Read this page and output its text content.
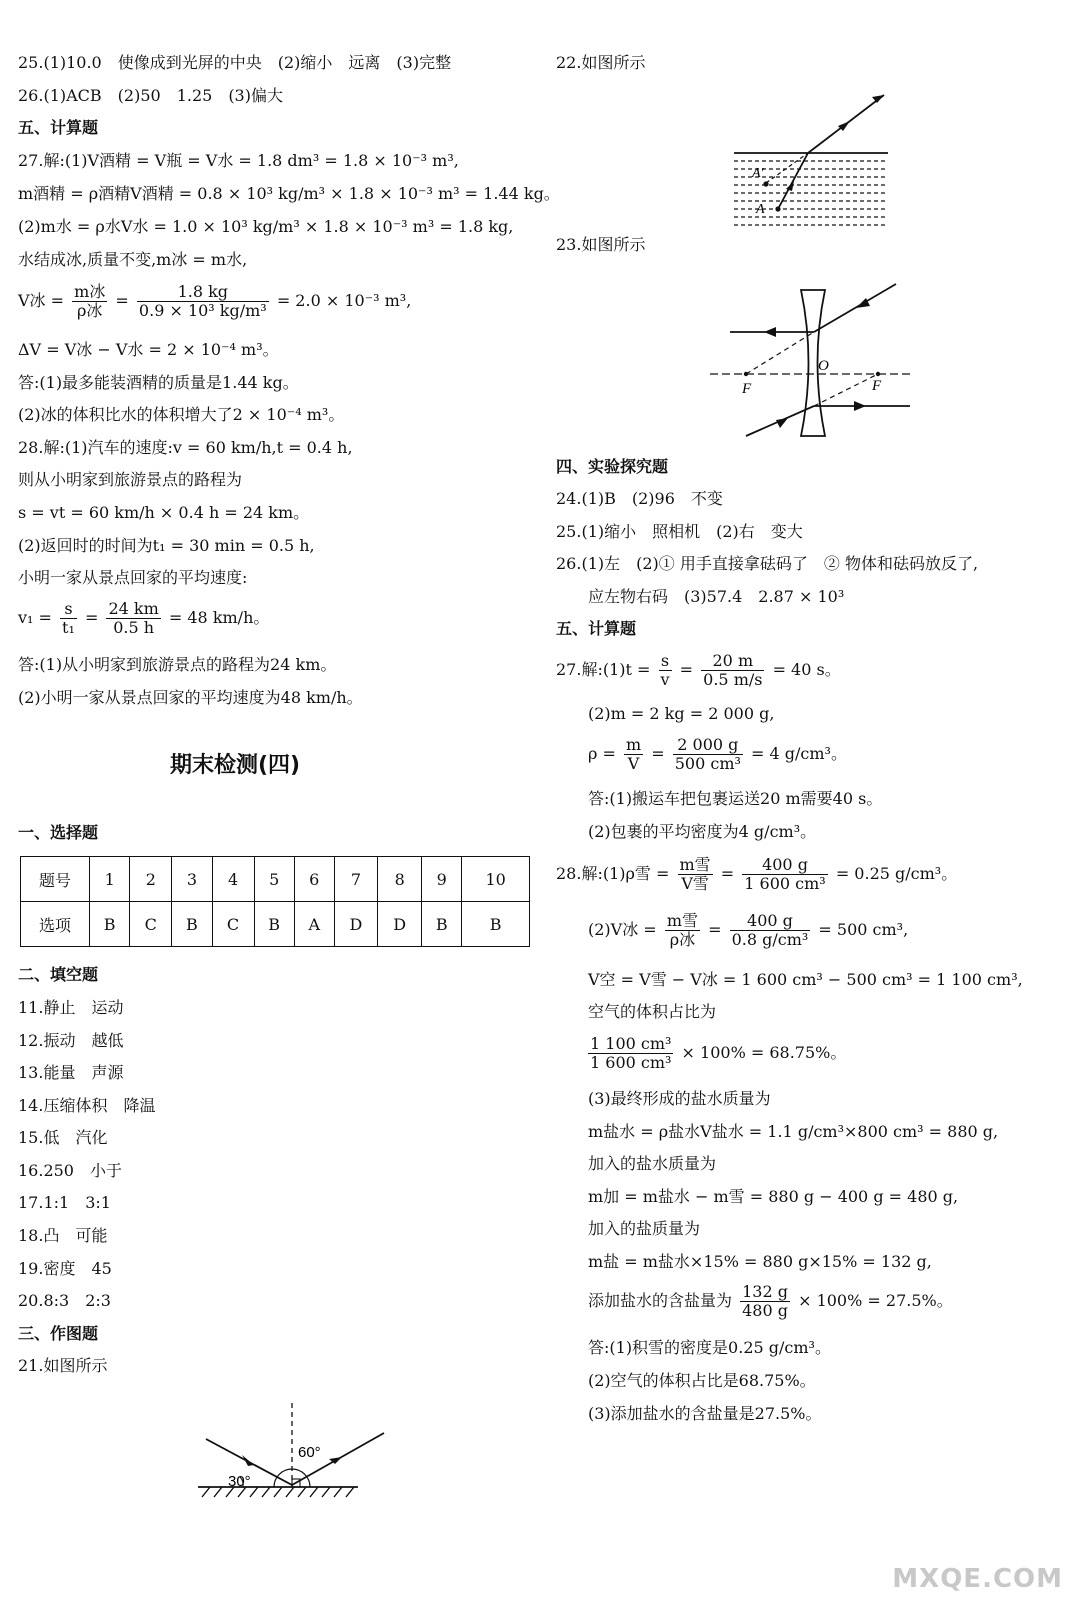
25.(1)10.0　使像成到光屏的中央　(2)缩小　远离　(3)完整
26.(1)ACB　(2)50　1.25　(3)偏大
五、计算题
27.解:(1)V酒精 = V瓶 = V水 = 1.8 dm³ = 1.8 × 10⁻³ m³,
m酒精 = ρ酒精V酒精 = 0.8 × 10³ kg/m³ × 1.8 × 10⁻³ m³ = 1.44 kg。
(2)m水 = ρ水V水 = 1.0 × 10³ kg/m³ × 1.8 × 10⁻³ m³ = 1.8 kg,
水结成冰,质量不变,m冰 = m水,
V冰 = $\frac{\text{m冰}}{\text{ρ冰}} = \frac{1.8 kg}{\text{0.9 × 10³ kg/m³}} = 2.0 \times 10^{-3}$ m³,
ΔV = V冰 − V水 = 2 × 10⁻⁴ m³。
答:(1)最多能装酒精的质量是1.44 kg。
(2)冰的体积比水的体积增大了2 × 10⁻⁴ m³。
28.解:(1)汽车的速度:v = 60 km/h,t = 0.4 h,
则从小明家到旅游景点的路程为
s = vt = 60 km/h × 0.4 h = 24 km。
(2)返回时的时间为t₁ = 30 min = 0.5 h,
小明一家从景点回家的平均速度:
$v_1 = \frac{s}{\text{t₁}} = \frac{24 km}{0.5 h} = 48$ km/h。
答:(1)从小明家到旅游景点的路程为24 km。
(2)小明一家从景点回家的平均速度为48 km/h。
期末检测(四)
一、选择题
题号	1	2	3	4	5	6	7	8	9	10
选项	B	C	B	C	B	A	D	D	B	B
二、填空题
11.静止　运动
12.振动　越低
13.能量　声源
14.压缩体积　降温
15.低　汽化
16.250　小于
17.1:1　3:1
18.凸　可能
19.密度　45
20.8:3　2:3
三、作图题
21.如图所示
30°
60°
22.如图所示
A'
A
23.如图所示
F
O
F
四、实验探究题
24.(1)B　(2)96　不变
25.(1)缩小　照相机　(2)右　变大
26.(1)左　(2)① 用手直接拿砝码了　② 物体和砝码放反了,
应左物右码　(3)57.4　2.87 × 10³
五、计算题
27.解:(1)t = $\frac{s}{v} = \frac{20 m}{0.5 m/s} = 40$ s。
(2)m = 2 kg = 2 000 g,
$\rho = \frac{m}{V} = \frac{2 000 g}{\text{500 cm³}} = 4$ g/cm³。
答:(1)搬运车把包裹运送20 m需要40 s。
(2)包裹的平均密度为4 g/cm³。
28.解:(1)ρ雪 = $\frac{\text{m雪}}{\text{V雪}} = \frac{400 g}{\text{1 600 cm³}} = 0.25$ g/cm³。
(2)V冰 = $\frac{\text{m雪}}{\text{ρ冰}} = \frac{400 g}{\text{0.8 g/cm³}} = 500$ cm³,
V空 = V雪 − V冰 = 1 600 cm³ − 500 cm³ = 1 100 cm³,
空气的体积占比为
$\frac{\text{1 100 cm³}}{\text{1 600 cm³}} \times 100\% = 68.75\%$。
(3)最终形成的盐水质量为
m盐水 = ρ盐水V盐水 = 1.1 g/cm³×800 cm³ = 880 g,
加入的盐水质量为
m加 = m盐水 − m雪 = 880 g − 400 g = 480 g,
加入的盐质量为
m盐 = m盐水×15% = 880 g×15% = 132 g,
添加盐水的含盐量为 $\frac{132 g}{480 g} \times 100\% = 27.5\%$。
答:(1)积雪的密度是0.25 g/cm³。
(2)空气的体积占比是68.75%。
(3)添加盐水的含盐量是27.5%。
MXQE.COM
